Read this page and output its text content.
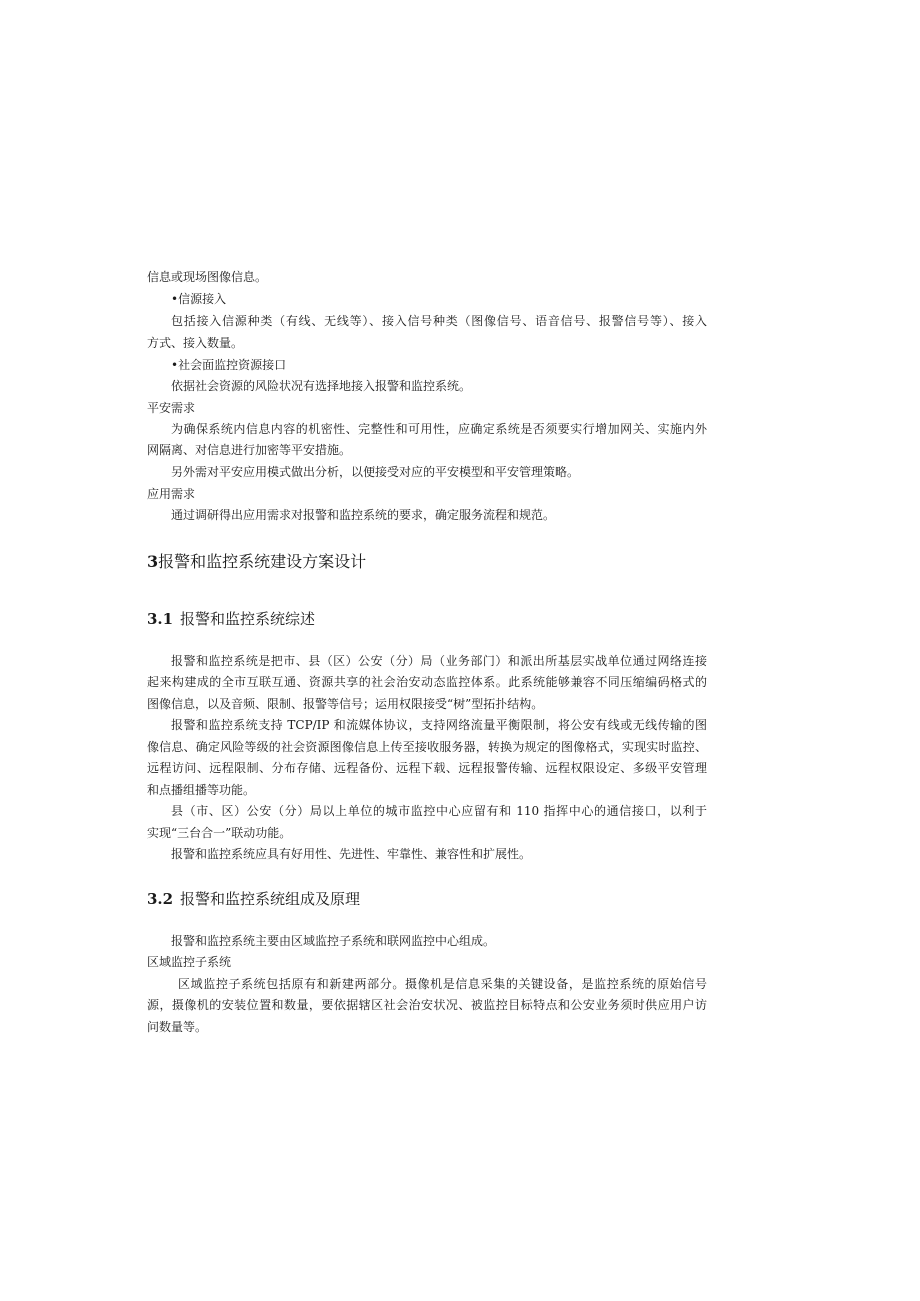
信息或现场图像信息。
•信源接入
包括接入信源种类（有线、无线等）、接入信号种类（图像信号、语音信号、报警信号等）、接入
方式、接入数量。
•社会面监控资源接口
依据社会资源的风险状况有选择地接入报警和监控系统。
平安需求
为确保系统内信息内容的机密性、完整性和可用性，应确定系统是否须要实行增加网关、实施内外
网隔离、对信息进行加密等平安措施。
另外需对平安应用模式做出分析，以便接受对应的平安模型和平安管理策略。
应用需求
通过调研得出应用需求对报警和监控系统的要求，确定服务流程和规范。
3报警和监控系统建设方案设计
3.1 报警和监控系统综述
报警和监控系统是把市、县（区）公安（分）局（业务部门）和派出所基层实战单位通过网络连接
起来构建成的全市互联互通、资源共享的社会治安动态监控体系。此系统能够兼容不同压缩编码格式的
图像信息，以及音频、限制、报警等信号；运用权限接受“树”型拓扑结构。
报警和监控系统支持 TCP/IP 和流媒体协议，支持网络流量平衡限制，将公安有线或无线传输的图
像信息、确定风险等级的社会资源图像信息上传至接收服务器，转换为规定的图像格式，实现实时监控、
远程访问、远程限制、分布存储、远程备份、远程下载、远程报警传输、远程权限设定、多级平安管理
和点播组播等功能。
县（市、区）公安（分）局以上单位的城市监控中心应留有和 110 指挥中心的通信接口，以利于
实现“三台合一”联动功能。
报警和监控系统应具有好用性、先进性、牢靠性、兼容性和扩展性。
3.2 报警和监控系统组成及原理
报警和监控系统主要由区域监控子系统和联网监控中心组成。
区域监控子系统
区域监控子系统包括原有和新建两部分。摄像机是信息采集的关键设备，是监控系统的原始信号
源，摄像机的安装位置和数量，要依据辖区社会治安状况、被监控目标特点和公安业务须时供应用户访
问数量等。
